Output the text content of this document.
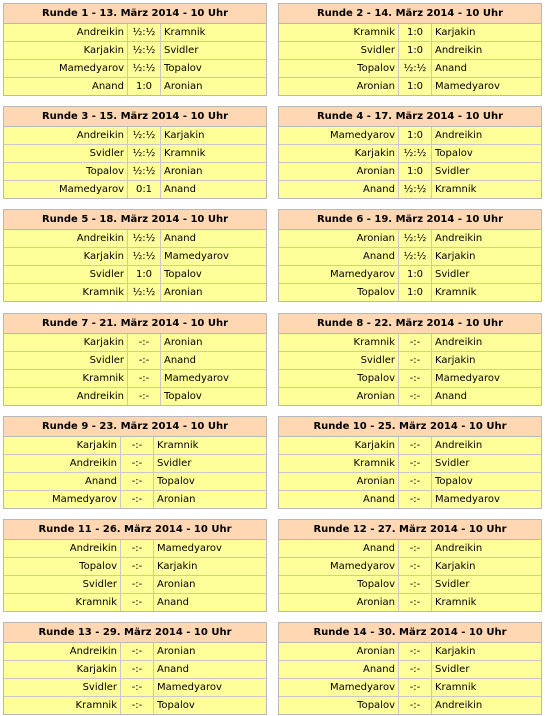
Runde 1 - 13. März 2014 - 10 Uhr
Andreikin	½:½	Kramnik
Karjakin	½:½	Svidler
Mamedyarov	½:½	Topalov
Anand	1:0	Aronian
Runde 2 - 14. März 2014 - 10 Uhr
Kramnik	1:0	Karjakin
Svidler	1:0	Andreikin
Topalov	½:½	Anand
Aronian	1:0	Mamedyarov
Runde 3 - 15. März 2014 - 10 Uhr
Andreikin	½:½	Karjakin
Svidler	½:½	Kramnik
Topalov	½:½	Aronian
Mamedyarov	0:1	Anand
Runde 4 - 17. März 2014 - 10 Uhr
Mamedyarov	1:0	Andreikin
Karjakin	½:½	Topalov
Aronian	1:0	Svidler
Anand	½:½	Kramnik
Runde 5 - 18. März 2014 - 10 Uhr
Andreikin	½:½	Anand
Karjakin	½:½	Mamedyarov
Svidler	1:0	Topalov
Kramnik	½:½	Aronian
Runde 6 - 19. März 2014 - 10 Uhr
Aronian	½:½	Andreikin
Anand	½:½	Karjakin
Mamedyarov	1:0	Svidler
Topalov	1:0	Kramnik
Runde 7 - 21. März 2014 - 10 Uhr
Karjakin	-:-	Aronian
Svidler	-:-	Anand
Kramnik	-:-	Mamedyarov
Andreikin	-:-	Topalov
Runde 8 - 22. März 2014 - 10 Uhr
Kramnik	-:-	Andreikin
Svidler	-:-	Karjakin
Topalov	-:-	Mamedyarov
Aronian	-:-	Anand
Runde 9 - 23. März 2014 - 10 Uhr
Karjakin	-:-	Kramnik
Andreikin	-:-	Svidler
Anand	-:-	Topalov
Mamedyarov	-:-	Aronian
Runde 10 - 25. März 2014 - 10 Uhr
Karjakin	-:-	Andreikin
Kramnik	-:-	Svidler
Aronian	-:-	Topalov
Anand	-:-	Mamedyarov
Runde 11 - 26. März 2014 - 10 Uhr
Andreikin	-:-	Mamedyarov
Topalov	-:-	Karjakin
Svidler	-:-	Aronian
Kramnik	-:-	Anand
Runde 12 - 27. März 2014 - 10 Uhr
Anand	-:-	Andreikin
Mamedyarov	-:-	Karjakin
Topalov	-:-	Svidler
Aronian	-:-	Kramnik
Runde 13 - 29. März 2014 - 10 Uhr
Andreikin	-:-	Aronian
Karjakin	-:-	Anand
Svidler	-:-	Mamedyarov
Kramnik	-:-	Topalov
Runde 14 - 30. März 2014 - 10 Uhr
Aronian	-:-	Karjakin
Anand	-:-	Svidler
Mamedyarov	-:-	Kramnik
Topalov	-:-	Andreikin
